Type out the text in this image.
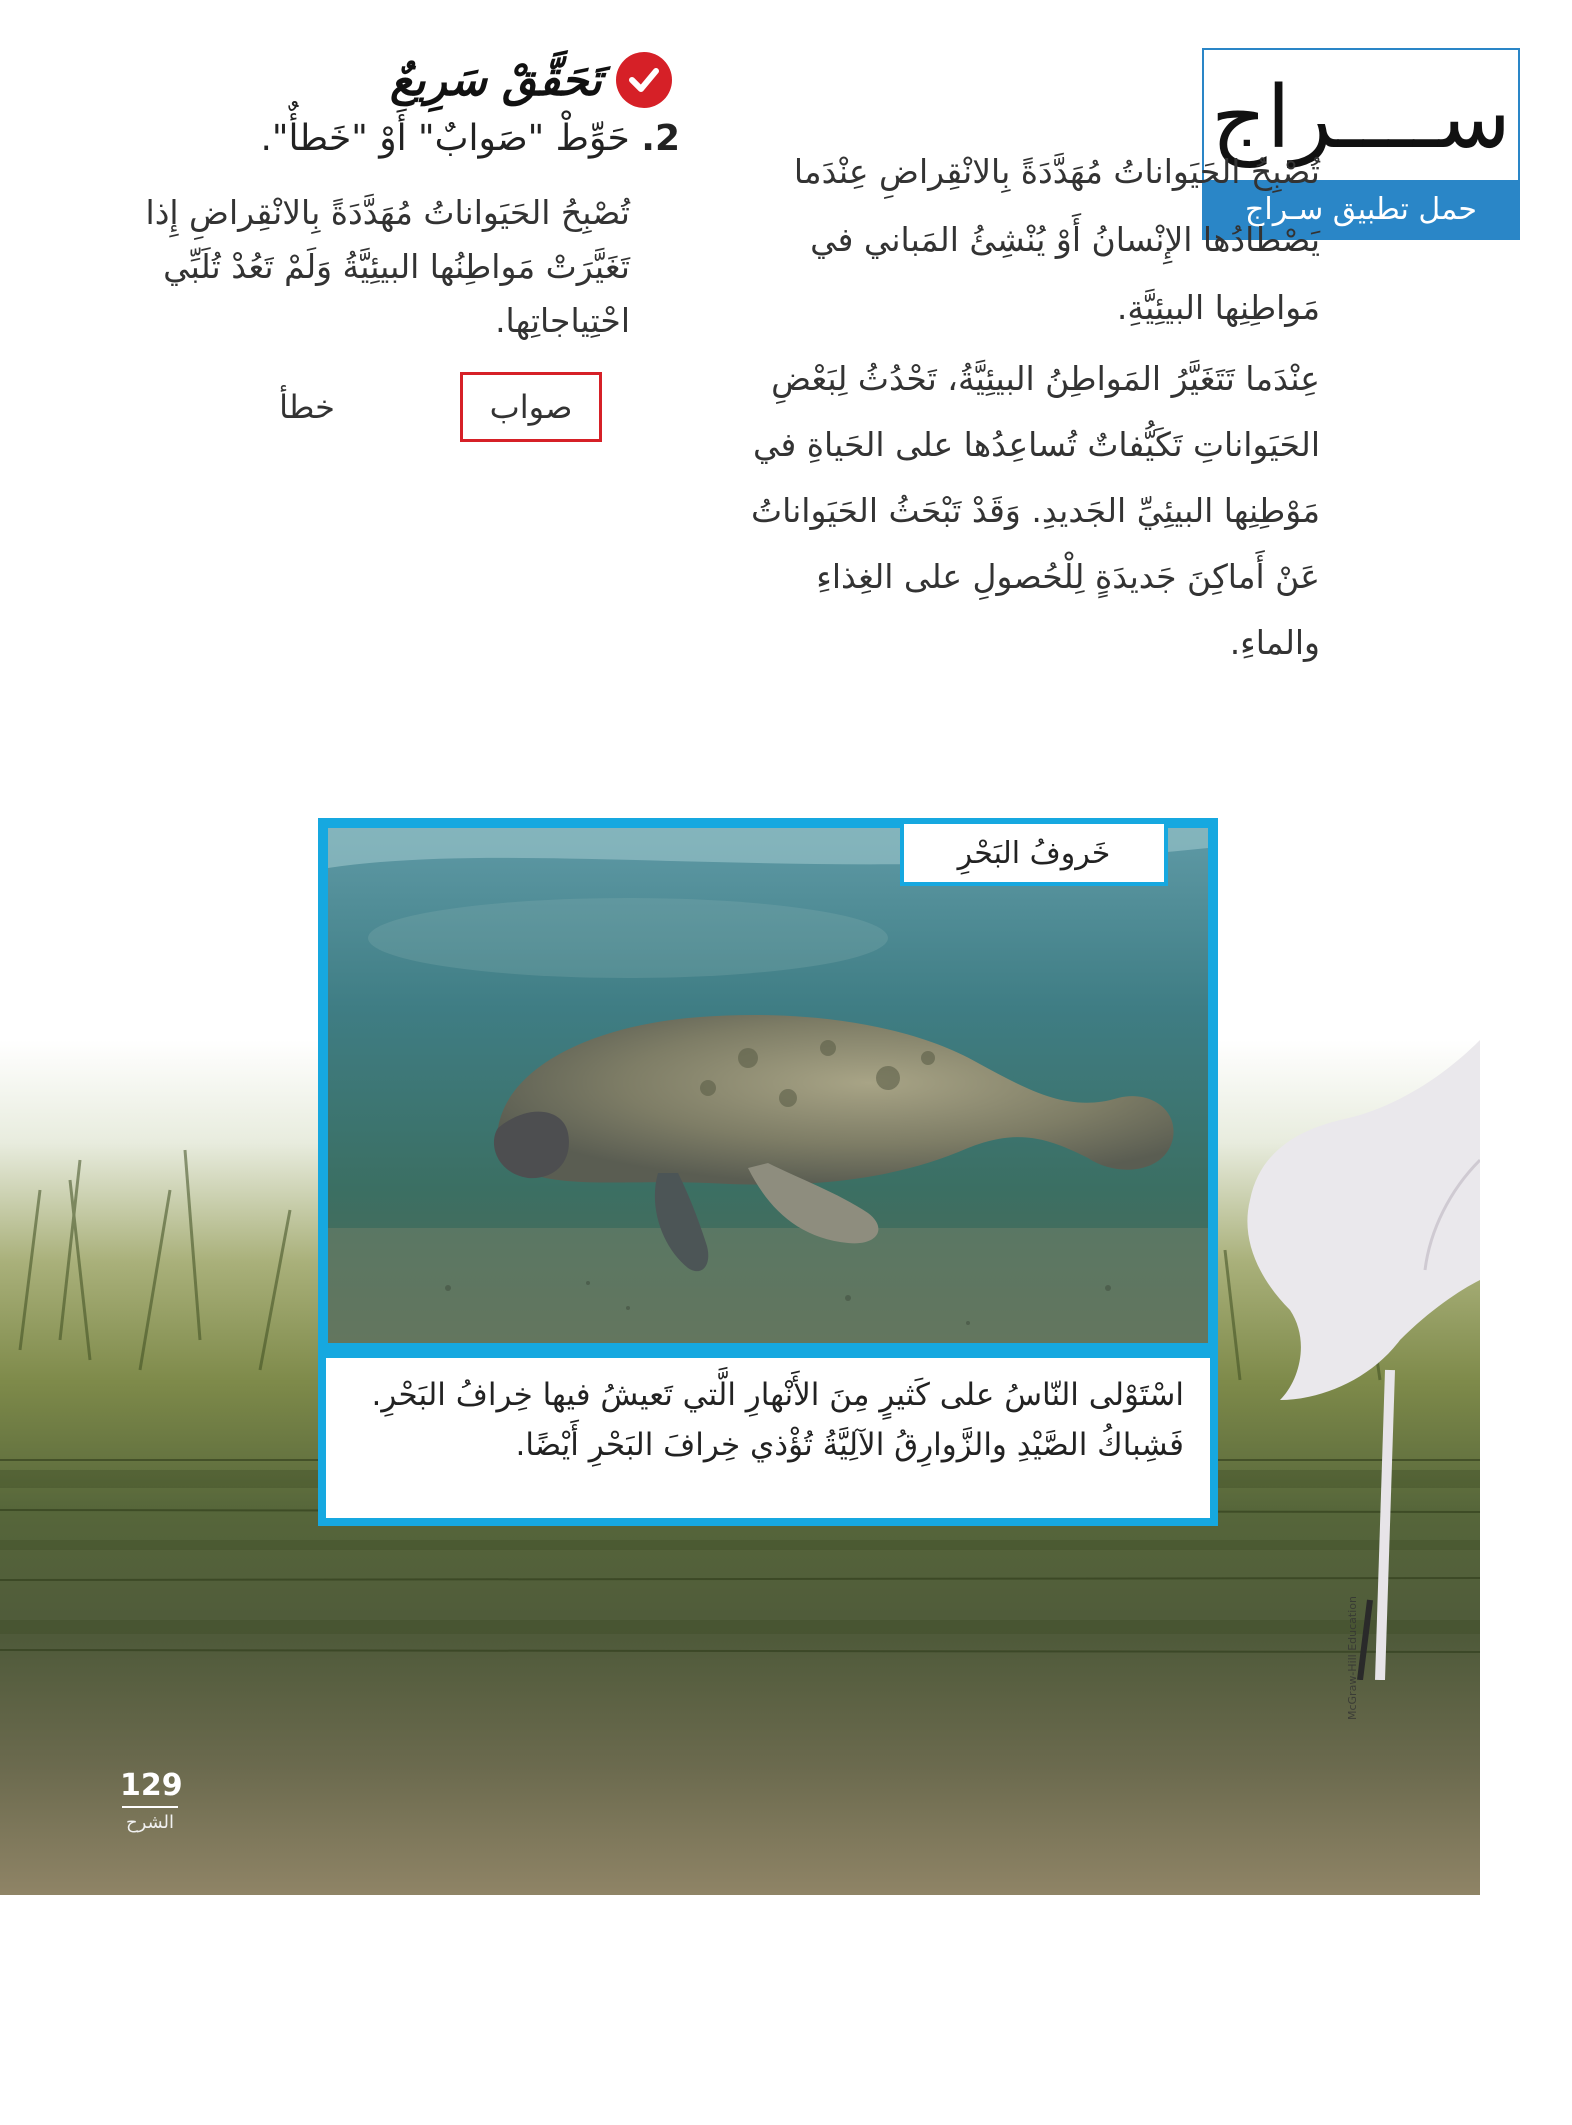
ســــراج
حمل تطبيق سـراج
تَحَقَّقْ سَرِيعٌ
2. حَوِّطْ "صَوابٌ" أَوْ "خَطأٌ".
تُصْبِحُ الحَيَواناتُ مُهَدَّدَةً بِالانْقِراضِ إِذا تَغَيَّرَتْ مَواطِنُها البيئِيَّةُ وَلَمْ تَعُدْ تُلَبِّي احْتِياجاتِها.
صواب
خطأ
تُصْبِحُ الحَيَواناتُ مُهَدَّدَةً بِالانْقِراضِ عِنْدَما يَصْطادُها الإِنْسانُ أَوْ يُنْشِئُ المَباني في مَواطِنِها البيئِيَّةِ.
عِنْدَما تَتَغَيَّرُ المَواطِنُ البيئِيَّةُ، تَحْدُثُ لِبَعْضِ الحَيَواناتِ تَكَيُّفاتٌ تُساعِدُها على الحَياةِ في مَوْطِنِها البيئِيِّ الجَديدِ. وَقَدْ تَبْحَثُ الحَيَواناتُ عَنْ أَماكِنَ جَديدَةٍ لِلْحُصولِ على الغِذاءِ والماءِ.
خَروفُ البَحْرِ
اسْتَوْلى النّاسُ على كَثيرٍ مِنَ الأَنْهارِ الَّتي تَعيشُ فيها خِرافُ البَحْرِ. فَشِباكُ الصَّيْدِ والزَّوارِقُ الآلِيَّةُ تُؤْذي خِرافَ البَحْرِ أَيْضًا.
McGraw-Hill Education
129
الشرح
